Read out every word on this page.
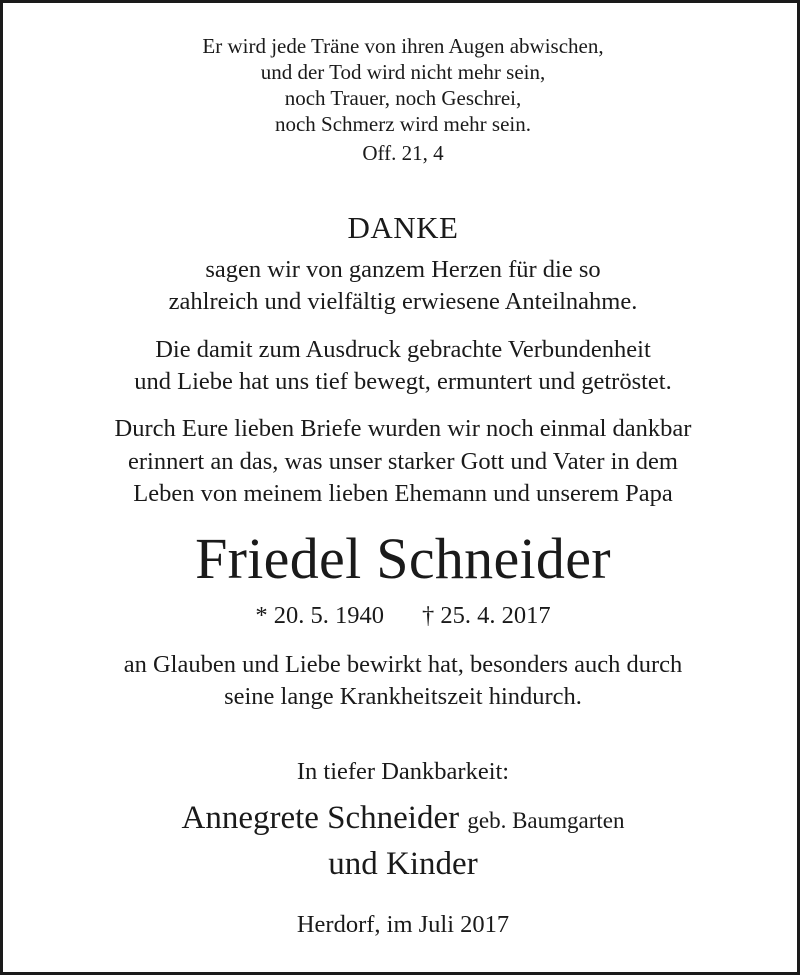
Er wird jede Träne von ihren Augen abwischen,
und der Tod wird nicht mehr sein,
noch Trauer, noch Geschrei,
noch Schmerz wird mehr sein.
Off. 21, 4
DANKE
sagen wir von ganzem Herzen für die so
zahlreich und vielfältig erwiesene Anteilnahme.
Die damit zum Ausdruck gebrachte Verbundenheit
und Liebe hat uns tief bewegt, ermuntert und getröstet.
Durch Eure lieben Briefe wurden wir noch einmal dankbar
erinnert an das, was unser starker Gott und Vater in dem
Leben von meinem lieben Ehemann und unserem Papa
Friedel Schneider
* 20. 5. 1940 † 25. 4. 2017
an Glauben und Liebe bewirkt hat, besonders auch durch
seine lange Krankheitszeit hindurch.
In tiefer Dankbarkeit:
Annegrete Schneider geb. Baumgarten
und Kinder
Herdorf, im Juli 2017
